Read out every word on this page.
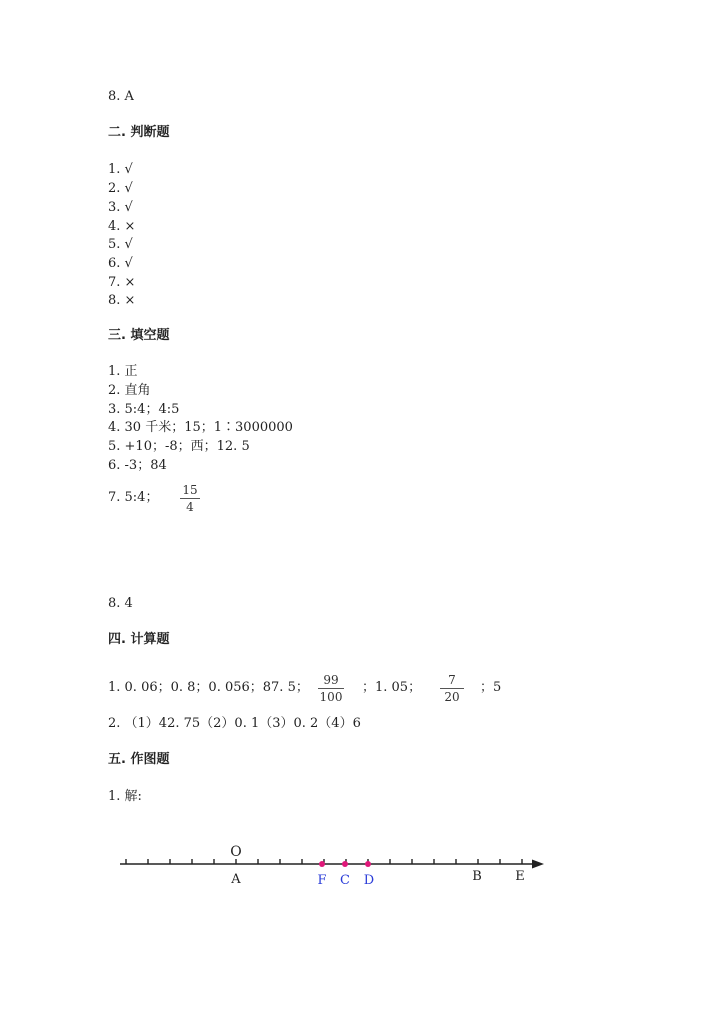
8. A
二. 判断题
1. √
2. √
3. √
4. ×
5. √
6. √
7. ×
8. ×
三. 填空题
1. 正
2. 直角
3. 5:4；4:5
4. 30 千米；15；1∶3000000
5. +10；-8；西；12. 5
6. -3；84
7. 5:4； 15
4
8. 4
四. 计算题
1. 0. 06；0. 8；0. 056；87. 5；	99
100
；1. 05；	7
20
；5
2. （1）42. 75（2）0. 1（3）0. 2（4）6
五. 作图题
1. 解:
O
A	F C D	B	E
